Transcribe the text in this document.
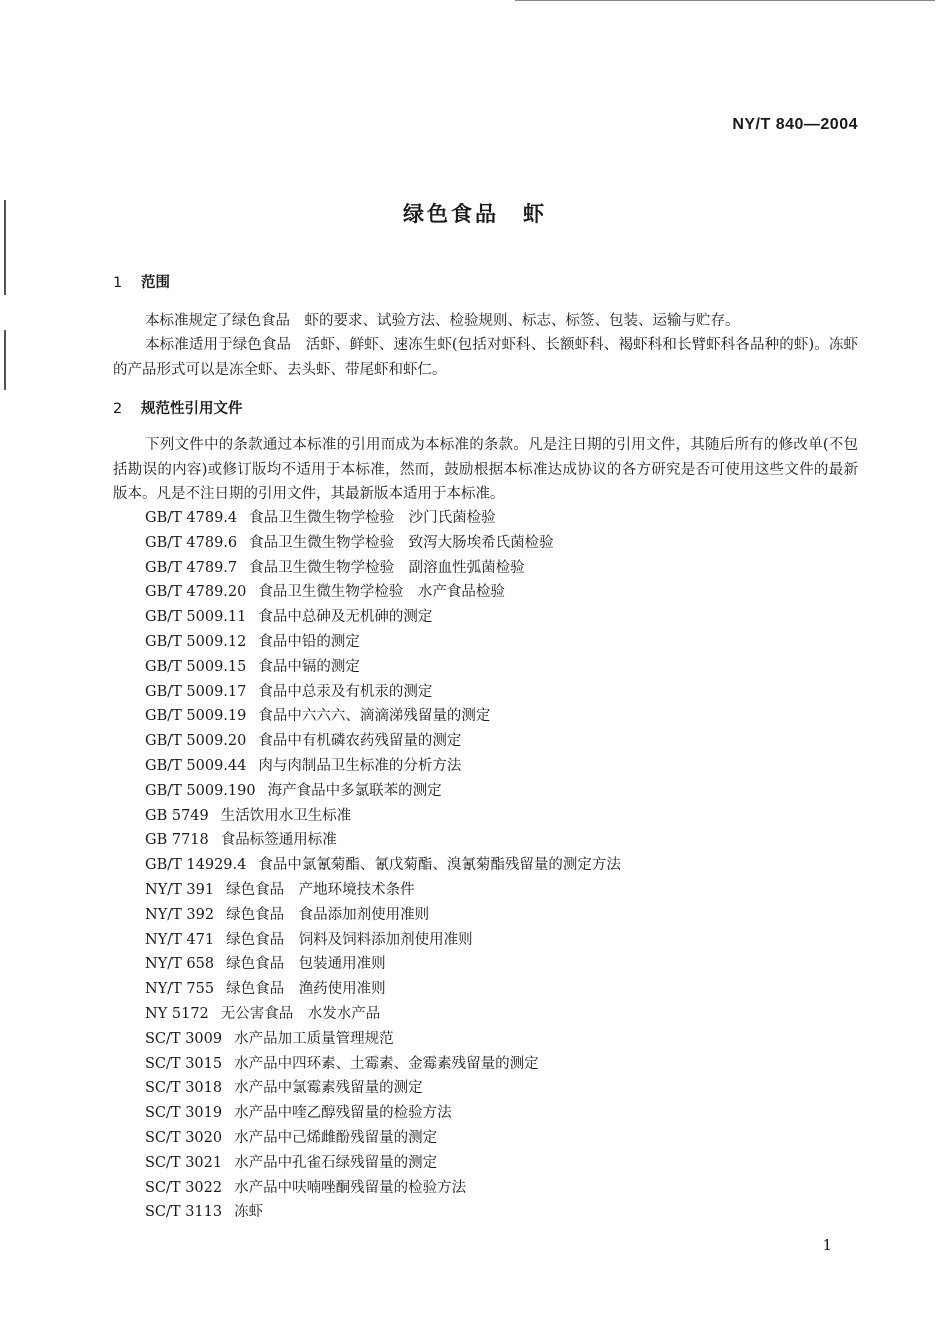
NY/T 840—2004
绿色食品　虾
1 范围
本标准规定了绿色食品　虾的要求、试验方法、检验规则、标志、标签、包装、运输与贮存。
本标准适用于绿色食品　活虾、鲜虾、速冻生虾(包括对虾科、长额虾科、褐虾科和长臂虾科各品种的虾)。冻虾的产品形式可以是冻全虾、去头虾、带尾虾和虾仁。
2 规范性引用文件
下列文件中的条款通过本标准的引用而成为本标准的条款。凡是注日期的引用文件，其随后所有的修改单(不包括勘误的内容)或修订版均不适用于本标准，然而，鼓励根据本标准达成协议的各方研究是否可使用这些文件的最新版本。凡是不注日期的引用文件，其最新版本适用于本标准。
GB/T 4789.4 食品卫生微生物学检验　沙门氏菌检验
GB/T 4789.6 食品卫生微生物学检验　致泻大肠埃希氏菌检验
GB/T 4789.7 食品卫生微生物学检验　副溶血性弧菌检验
GB/T 4789.20 食品卫生微生物学检验　水产食品检验
GB/T 5009.11 食品中总砷及无机砷的测定
GB/T 5009.12 食品中铅的测定
GB/T 5009.15 食品中镉的测定
GB/T 5009.17 食品中总汞及有机汞的测定
GB/T 5009.19 食品中六六六、滴滴涕残留量的测定
GB/T 5009.20 食品中有机磷农药残留量的测定
GB/T 5009.44 肉与肉制品卫生标准的分析方法
GB/T 5009.190 海产食品中多氯联苯的测定
GB 5749 生活饮用水卫生标准
GB 7718 食品标签通用标准
GB/T 14929.4 食品中氯氰菊酯、氰戊菊酯、溴氰菊酯残留量的测定方法
NY/T 391 绿色食品　产地环境技术条件
NY/T 392 绿色食品　食品添加剂使用准则
NY/T 471 绿色食品　饲料及饲料添加剂使用准则
NY/T 658 绿色食品　包装通用准则
NY/T 755 绿色食品　渔药使用准则
NY 5172 无公害食品　水发水产品
SC/T 3009 水产品加工质量管理规范
SC/T 3015 水产品中四环素、土霉素、金霉素残留量的测定
SC/T 3018 水产品中氯霉素残留量的测定
SC/T 3019 水产品中喹乙醇残留量的检验方法
SC/T 3020 水产品中己烯雌酚残留量的测定
SC/T 3021 水产品中孔雀石绿残留量的测定
SC/T 3022 水产品中呋喃唑酮残留量的检验方法
SC/T 3113 冻虾
1
